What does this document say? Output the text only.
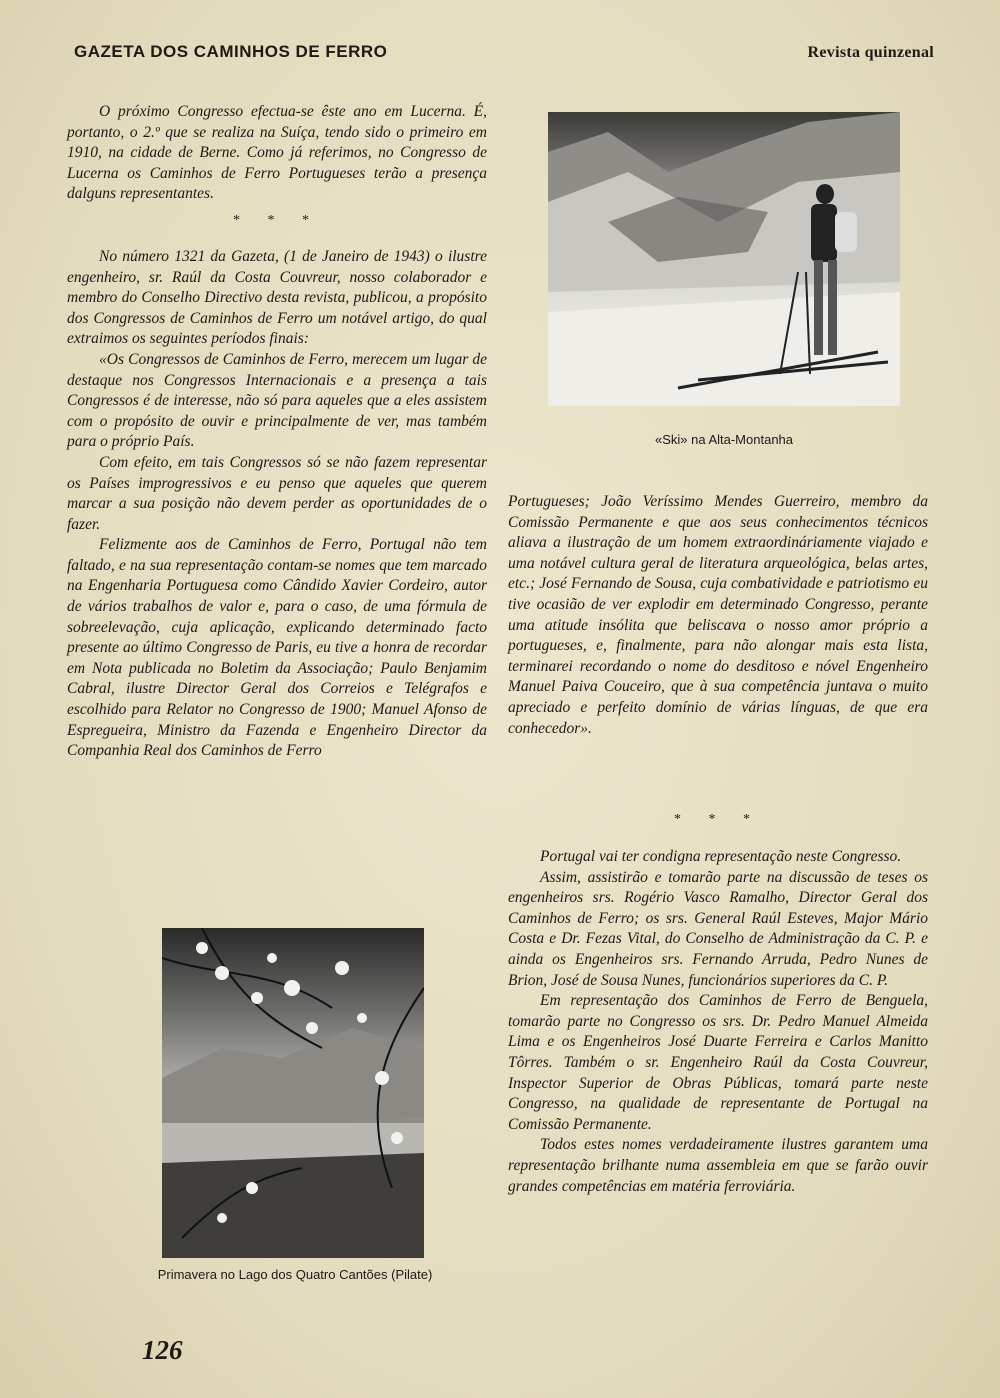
GAZETA DOS CAMINHOS DE FERRO	Revista quinzenal

O próximo Congresso efectua-se êste ano em Lucerna. É, portanto, o 2.º que se realiza na Suíça, tendo sido o primeiro em 1910, na cidade de Berne. Como já referimos, no Congresso de Lucerna os Caminhos de Ferro Portugueses terão a presença dalguns representantes.

* * *

No número 1321 da Gazeta, (1 de Janeiro de 1943) o ilustre engenheiro, sr. Raúl da Costa Couvreur, nosso colaborador e membro do Conselho Directivo desta revista, publicou, a propósito dos Congressos de Caminhos de Ferro um notável artigo, do qual extraimos os seguintes períodos finais:

«Os Congressos de Caminhos de Ferro, merecem um lugar de destaque nos Congressos Internacionais e a presença a tais Congressos é de interesse, não só para aqueles que a eles assistem com o propósito de ouvir e principalmente de ver, mas também para o próprio País.

Com efeito, em tais Congressos só se não fazem representar os Países improgressivos e eu penso que aqueles que querem marcar a sua posição não devem perder as oportunidades de o fazer.

Felizmente aos de Caminhos de Ferro, Portugal não tem faltado, e na sua representação contam-se nomes que tem marcado na Engenharia Portuguesa como Cândido Xavier Cordeiro, autor de vários trabalhos de valor e, para o caso, de uma fórmula de sobreelevação, cuja aplicação, explicando determinado facto presente ao último Congresso de Paris, eu tive a honra de recordar em Nota publicada no Boletim da Associação; Paulo Benjamim Cabral, ilustre Director Geral dos Correios e Telégrafos e escolhido para Relator no Congresso de 1900; Manuel Afonso de Espregueira, Ministro da Fazenda e Engenheiro Director da Companhia Real dos Caminhos de Ferro

«Ski» na Alta-Montanha
* * *

Portugueses; João Veríssimo Mendes Guerreiro, membro da Comissão Permanente e que aos seus conhecimentos técnicos aliava a ilustração de um homem extraordináriamente viajado e uma notável cultura geral de literatura arqueológica, belas artes, etc.; José Fernando de Sousa, cuja combatividade e patriotismo eu tive ocasião de ver explodir em determinado Congresso, perante uma atitude insólita que beliscava o nosso amor próprio a portugueses, e, finalmente, para não alongar mais esta lista, terminarei recordando o nome do desditoso e nóvel Engenheiro Manuel Paiva Couceiro, que à sua competência juntava o muito apreciado e perfeito domínio de várias línguas, de que era conhecedor».

Portugal vai ter condigna representação neste Congresso.

Assim, assistirão e tomarão parte na discussão de teses os engenheiros srs. Rogério Vasco Ramalho, Director Geral dos Caminhos de Ferro; os srs. General Raúl Esteves, Major Mário Costa e Dr. Fezas Vital, do Conselho de Administração da C. P. e ainda os Engenheiros srs. Fernando Arruda, Pedro Nunes de Brion, José de Sousa Nunes, funcionários superiores da C. P.

Em representação dos Caminhos de Ferro de Benguela, tomarão parte no Congresso os srs. Dr. Pedro Manuel Almeida Lima e os Engenheiros José Duarte Ferreira e Carlos Manitto Tôrres. Também o sr. Engenheiro Raúl da Costa Couvreur, Inspector Superior de Obras Públicas, tomará parte neste Congresso, na qualidade de representante de Portugal na Comissão Permanente.

Todos estes nomes verdadeiramente ilustres garantem uma representação brilhante numa assembleia em que se farão ouvir grandes competências em matéria ferroviária.

Primavera no Lago dos Quatro Cantões (Pilate)
126
